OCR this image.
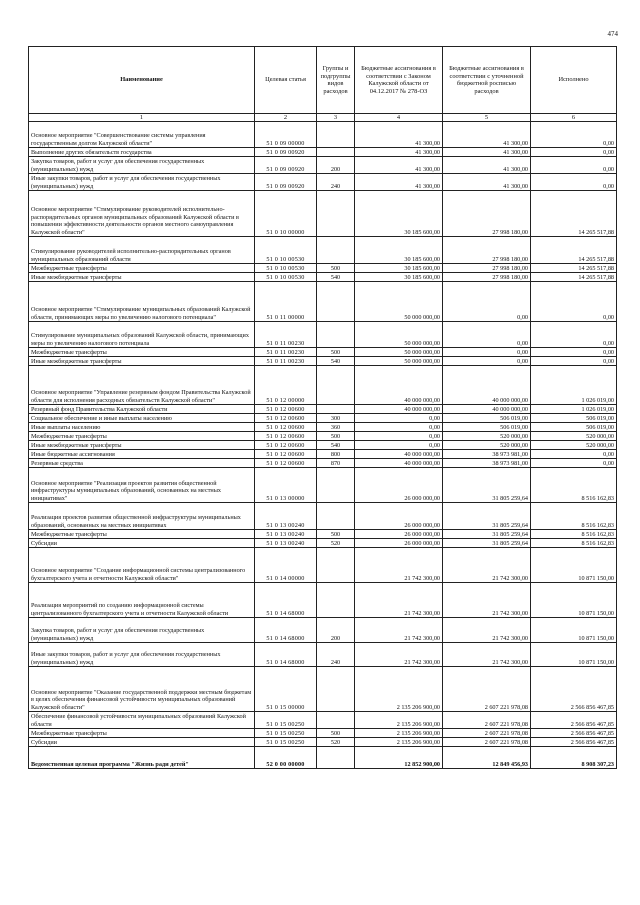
474
Наименование	Целевая статья	Группы и подгруппы видов расходов	Бюджетные ассигнования в соответствии с Законом Калужской области от 04.12.2017 № 278-ОЗ	Бюджетные ассигнования в соответствии с уточненной бюджетной росписью расходов	Исполнено
1	2	3	4	5	6
Основное мероприятие "Совершенствование системы управления государственным долгом Калужской области"	51 0 09 00000		41 300,00	41 300,00	0,00
Выполнение других обязательств государства	51 0 09 00920		41 300,00	41 300,00	0,00
Закупка товаров, работ и услуг для обеспечения государственных (муниципальных) нужд	51 0 09 00920	200	41 300,00	41 300,00	0,00
Иные закупки товаров, работ и услуг для обеспечения государственных (муниципальных) нужд	51 0 09 00920	240	41 300,00	41 300,00	0,00
Основное мероприятие "Стимулирование руководителей исполнительно-распорядительных органов муниципальных образований Калужской области в повышении эффективности деятельности органов местного самоуправления Калужской области"	51 0 10 00000		30 185 600,00	27 998 180,00	14 265 517,88
Стимулирование руководителей исполнительно-распорядительных органов муниципальных образований области	51 0 10 00530		30 185 600,00	27 998 180,00	14 265 517,88
Межбюджетные трансферты	51 0 10 00530	500	30 185 600,00	27 998 180,00	14 265 517,88
Иные межбюджетные трансферты	51 0 10 00530	540	30 185 600,00	27 998 180,00	14 265 517,88
Основное мероприятие "Стимулирование муниципальных образований Калужской области, принимающих меры по увеличению налогового потенциала"	51 0 11 00000		50 000 000,00	0,00	0,00
Стимулирование муниципальных образований Калужской области, принимающих меры по увеличению налогового потенциала	51 0 11 00230		50 000 000,00	0,00	0,00
Межбюджетные трансферты	51 0 11 00230	500	50 000 000,00	0,00	0,00
Иные межбюджетные трансферты	51 0 11 00230	540	50 000 000,00	0,00	0,00
Основное мероприятие "Управление резервным фондом Правительства Калужской области для исполнения расходных обязательств Калужской области"	51 0 12 00000		40 000 000,00	40 000 000,00	1 026 019,00
Резервный фонд Правительства Калужской области	51 0 12 00600		40 000 000,00	40 000 000,00	1 026 019,00
Социальное обеспечение и иные выплаты населению	51 0 12 00600	300	0,00	506 019,00	506 019,00
Иные выплаты населению	51 0 12 00600	360	0,00	506 019,00	506 019,00
Межбюджетные трансферты	51 0 12 00600	500	0,00	520 000,00	520 000,00
Иные межбюджетные трансферты	51 0 12 00600	540	0,00	520 000,00	520 000,00
Иные бюджетные ассигнования	51 0 12 00600	800	40 000 000,00	38 973 981,00	0,00
Резервные средства	51 0 12 00600	870	40 000 000,00	38 973 981,00	0,00
Основное мероприятие "Реализация проектов развития общественной инфраструктуры муниципальных образований, основанных на местных инициативах"	51 0 13 00000		26 000 000,00	31 805 259,64	8 516 162,83
Реализация проектов развития общественной инфраструктуры муниципальных образований, основанных на местных инициативах	51 0 13 00240		26 000 000,00	31 805 259,64	8 516 162,83
Межбюджетные трансферты	51 0 13 00240	500	26 000 000,00	31 805 259,64	8 516 162,83
Субсидии	51 0 13 00240	520	26 000 000,00	31 805 259,64	8 516 162,83
Основное мероприятие "Создание информационной системы централизованного бухгалтерского учета и отчетности Калужской области"	51 0 14 00000		21 742 300,00	21 742 300,00	10 871 150,00
Реализация мероприятий по созданию информационной системы централизованного бухгалтерского учета и отчетности Калужской области	51 0 14 68000		21 742 300,00	21 742 300,00	10 871 150,00
Закупка товаров, работ и услуг для обеспечения государственных (муниципальных) нужд	51 0 14 68000	200	21 742 300,00	21 742 300,00	10 871 150,00
Иные закупки товаров, работ и услуг для обеспечения государственных (муниципальных) нужд	51 0 14 68000	240	21 742 300,00	21 742 300,00	10 871 150,00
Основное мероприятие "Оказание государственной поддержки местным бюджетам в целях обеспечения финансовой устойчивости муниципальных образований Калужской области"	51 0 15 00000		2 135 206 900,00	2 607 221 978,08	2 566 856 467,85
Обеспечение финансовой устойчивости муниципальных образований Калужской области	51 0 15 00250		2 135 206 900,00	2 607 221 978,08	2 566 856 467,85
Межбюджетные трансферты	51 0 15 00250	500	2 135 206 900,00	2 607 221 978,08	2 566 856 467,85
Субсидии	51 0 15 00250	520	2 135 206 900,00	2 607 221 978,08	2 566 856 467,85
Ведомственная целевая программа "Жизнь ради детей"	52 0 00 00000		12 852 900,00	12 849 456,93	8 908 307,23
